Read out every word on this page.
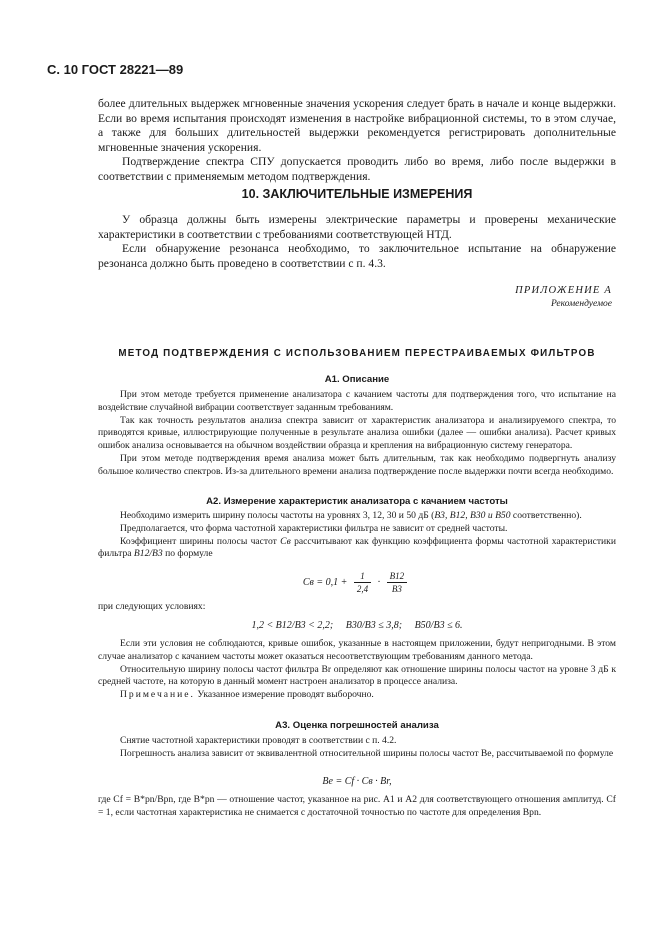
С. 10 ГОСТ 28221—89

более длительных выдержек мгновенные значения ускорения следует брать в начале и конце выдержки. Если во время испытания происходят изменения в настройке вибрационной системы, то в этом случае, а также для больших длительностей выдержки рекомендуется регистрировать дополнительные мгновенные значения ускорения.

Подтверждение спектра СПУ допускается проводить либо во время, либо после выдержки в соответствии с применяемым методом подтверждения.

10. ЗАКЛЮЧИТЕЛЬНЫЕ ИЗМЕРЕНИЯ

У образца должны быть измерены электрические параметры и проверены механические характеристики в соответствии с требованиями соответствующей НТД.

Если обнаружение резонанса необходимо, то заключительное испытание на обнаружение резонанса должно быть проведено в соответствии с п. 4.3.

ПРИЛОЖЕНИЕ А
Рекомендуемое
МЕТОД ПОДТВЕРЖДЕНИЯ С ИСПОЛЬЗОВАНИЕМ ПЕРЕСТРАИВАЕМЫХ ФИЛЬТРОВ
А1. Описание

При этом методе требуется применение анализатора с качанием частоты для подтверждения того, что испытание на воздействие случайной вибрации соответствует заданным требованиям.

Так как точность результатов анализа спектра зависит от характеристик анализатора и анализируемого спектра, то приводятся кривые, иллюстрирующие полученные в результате анализа ошибки (далее — ошибки анализа). Расчет кривых ошибок анализа основывается на обычном воздействии образца и крепления на вибрационную систему генератора.

При этом методе подтверждения время анализа может быть длительным, так как необходимо подвергнуть анализу большое количество спектров. Из-за длительного времени анализа подтверждение после выдержки почти всегда необходимо.

А2. Измерение характеристик анализатора с качанием частоты

Необходимо измерить ширину полосы частоты на уровнях 3, 12, 30 и 50 дБ (B3, B12, B30 и B50 соответственно).

Предполагается, что форма частотной характеристики фильтра не зависит от средней частоты.

Коэффициент ширины полосы частот Cв рассчитывают как функцию коэффициента формы частотной характеристики фильтра B12/B3 по формуле

Cв = $0,1 + \frac{1}{2,4} \cdot \frac{B12}{B3}$

при следующих условиях:

1,2 < B12/B3 < 2,2;     B30/B3 ≤ 3,8;     B50/B3 ≤ 6.

Если эти условия не соблюдаются, кривые ошибок, указанные в настоящем приложении, будут непригодными. В этом случае анализатор с качанием частоты может оказаться несоответствующим требованиям данного метода.

Относительную ширину полосы частот фильтра Br определяют как отношение ширины полосы частот на уровне 3 дБ к средней частоте, на которую в данный момент настроен анализатор в процессе анализа.

Примечание. Указанное измерение проводят выборочно.

А3. Оценка погрешностей анализа

Снятие частотной характеристики проводят в соответствии с п. 4.2.

Погрешность анализа зависит от эквивалентной относительной ширины полосы частот Be, рассчитываемой по формуле

Be = Cf · Cв · Br,

где Cf = B*pn/Bpn, где B*pn — отношение частот, указанное на рис. А1 и А2 для соответствующего отношения амплитуд. Cf = 1, если частотная характеристика не снимается с достаточной точностью по частоте для определения Bpn.
